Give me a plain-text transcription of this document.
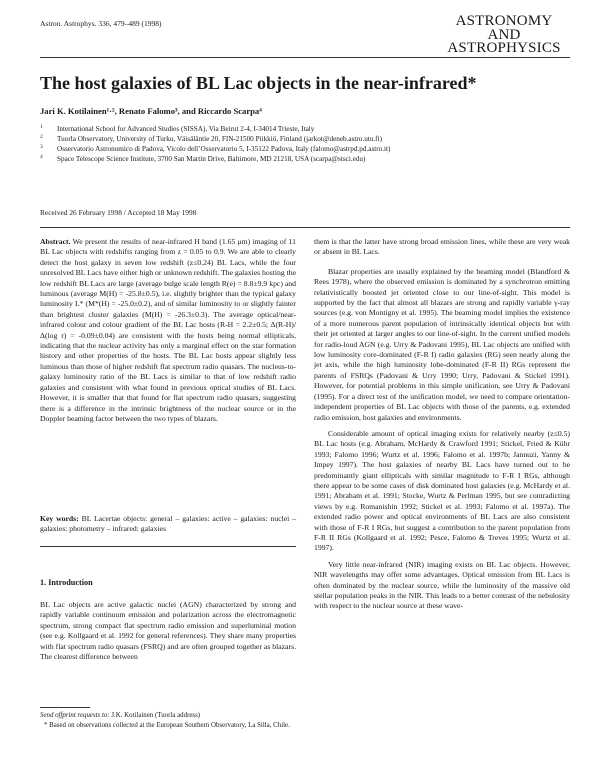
Astron. Astrophys. 336, 479–489 (1998)	ASTRONOMY
AND
ASTROPHYSICS
The host galaxies of BL Lac objects in the near-infrared*
Jari K. Kotilainen¹·², Renato Falomo³, and Riccardo Scarpa⁴
1 International School for Advanced Studies (SISSA), Via Beirut 2-4, I-34014 Trieste, Italy
2 Tuorla Observatory, University of Turku, Väisäläntie 20, FIN-21500 Piikkiö, Finland (jarkot@deneb.astro.utu.fi)
3 Osservatorio Astronomico di Padova, Vicolo dell’Osservatorio 5, I-35122 Padova, Italy (falomo@astrpd.pd.astro.it)
4 Space Telescope Science Institute, 3700 San Martin Drive, Baltimore, MD 21218, USA (scarpa@stsci.edu)
Received 26 February 1998 / Accepted 18 May 1998

Abstract. We present the results of near-infrared H band (1.65 μm) imaging of 11 BL Lac objects with redshifts ranging from z = 0.05 to 0.9. We are able to clearly detect the host galaxy in seven low redshift (z≤0.24) BL Lacs, while the four unresolved BL Lacs have either high or unknown redshift. The galaxies hosting the low redshift BL Lacs are large (average bulge scale length R(e) = 8.8±9.9 kpc) and luminous (average M(H) = -25.8±0.5), i.e. slightly brighter than the typical galaxy luminosity L* (M*(H) = -25.0±0.2), and of similar luminosity to or slightly fainter than brightest cluster galaxies (M(H) = -26.3±0.3). The average optical/near-infrared colour and colour gradient of the BL Lac hosts (R-H = 2.2±0.5; Δ(R-H)/Δ(log r) = -0.09±0.04) are consistent with the hosts being normal ellipticals, indicating that the nuclear activity has only a marginal effect on the star formation history and other properties of the hosts. The BL Lac hosts appear slightly less luminous than those of higher redshift flat spectrum radio quasars. The nucleus-to-galaxy luminosity ratio of the BL Lacs is similar to that of low redshift radio galaxies and consistent with what found in previous optical studies of BL Lacs. However, it is smaller that that found for flat spectrum radio quasars, suggesting there is a difference in the intrinsic brightness of the nuclear source or in the Doppler beaming factor between the two types of blazars.

Key words: BL Lacertae objects: general – galaxies: active – galaxies: nuclei – galaxies: photometry – infrared: galaxies

1. Introduction

BL Lac objects are active galactic nuclei (AGN) characterized by strong and rapidly variable continuum emission and polarization across the electromagnetic spectrum, strong compact flat spectrum radio emission and superluminal motion (see e.g. Kollgaard et al. 1992 for general references). They share many properties with flat spectrum radio quasars (FSRQ) and are often grouped together as blazars. The clearest difference between

Send offprint requests to: J.K. Kotilainen (Tuorla address)
* Based on observations collected at the European Southern Observatory, La Silla, Chile.

them is that the latter have strong broad emission lines, while these are very weak or absent in BL Lacs.

Blazar properties are usually explained by the beaming model (Blandford & Rees 1978), where the observed emission is dominated by a synchrotron emitting relativistically boosted jet oriented close to our line-of-sight. This model is supported by the fact that almost all blazars are strong and rapidly variable γ-ray sources (e.g. von Montigny et al. 1995). The beaming model implies the existence of a more numerous parent population of intrinsically identical objects but with their jet oriented at larger angles to our line-of-sight. In the current unified models for radio-loud AGN (e.g. Urry & Padovani 1995), BL Lac objects are unified with low luminosity core-dominated (F-R I) radio galaxies (RG) seen nearly along the jet axis, while the high luminosity lobe-dominated (F-R II) RGs represent the parents of FSRQs (Padovani & Urry 1990; Urry, Padovani & Stickel 1991). However, for potential problems in this simple unification, see Urry & Padovani (1995). For a direct test of the unification model, we need to compare orientation-independent properties of BL Lac objects with those of the parents, e.g. extended radio emission, host galaxies and environments.

Considerable amount of optical imaging exists for relatively nearby (z≤0.5) BL Lac hosts (e.g. Abraham, McHardy & Crawford 1991; Stickel, Fried & Kühr 1993; Falomo 1996; Wurtz et al. 1996; Falomo et al. 1997b; Jannuzi, Yanny & Impey 1997). The host galaxies of nearby BL Lacs have turned out to be predominantly giant ellipticals with similar magnitude to F-R I RGs, although there appear to be some cases of disk dominated host galaxies (e.g. McHardy et al. 1991; Abraham et al. 1991; Stocke, Wurtz & Perlman 1995, but see contradicting views by e.g. Romanishin 1992; Stickel et al. 1993; Falomo et al. 1997a). The extended radio power and optical environments of BL Lacs are also consistent with those of F-R I RGs, but suggest a contribution to the parent population from F-R II RGs (Kollgaard et al. 1992; Pesce, Falomo & Treves 1995; Wurtz et al. 1997).

Very little near-infrared (NIR) imaging exists on BL Lac objects. However, NIR wavelengths may offer some advantages. Optical emission from BL Lacs is often dominated by the nuclear source, while the luminosity of the massive old stellar population peaks in the NIR. This leads to a better contrast of the nebulosity with respect to the nuclear source at these wave-
